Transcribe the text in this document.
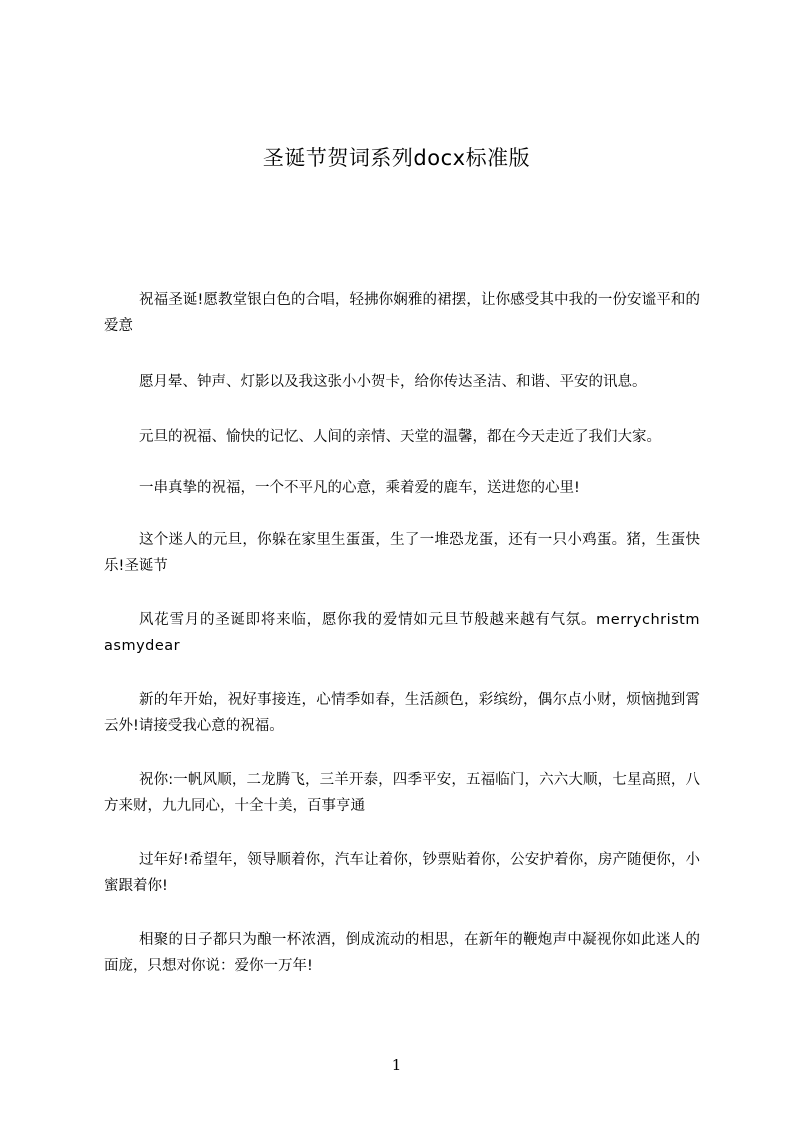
圣诞节贺词系列docx标准版
祝福圣诞!愿教堂银白色的合唱，轻拂你娴雅的裙摆，让你感受其中我的一份安谧平和的爱意
愿月晕、钟声、灯影以及我这张小小贺卡，给你传达圣洁、和谐、平安的讯息。
元旦的祝福、愉快的记忆、人间的亲情、天堂的温馨，都在今天走近了我们大家。
一串真挚的祝福，一个不平凡的心意，乘着爱的鹿车，送进您的心里!
这个迷人的元旦，你躲在家里生蛋蛋，生了一堆恐龙蛋，还有一只小鸡蛋。猪，生蛋快乐!圣诞节
风花雪月的圣诞即将来临，愿你我的爱情如元旦节般越来越有气氛。merrychristmasmydear
新的年开始，祝好事接连，心情季如春，生活颜色，彩缤纷，偶尔点小财，烦恼抛到霄云外!请接受我心意的祝福。
祝你:一帆风顺，二龙腾飞，三羊开泰，四季平安，五福临门，六六大顺，七星高照，八方来财，九九同心，十全十美，百事亨通
过年好!希望年，领导顺着你，汽车让着你，钞票贴着你，公安护着你，房产随便你，小蜜跟着你!
相聚的日子都只为酿一杯浓酒，倒成流动的相思，在新年的鞭炮声中凝视你如此迷人的面庞，只想对你说：爱你一万年!
1
